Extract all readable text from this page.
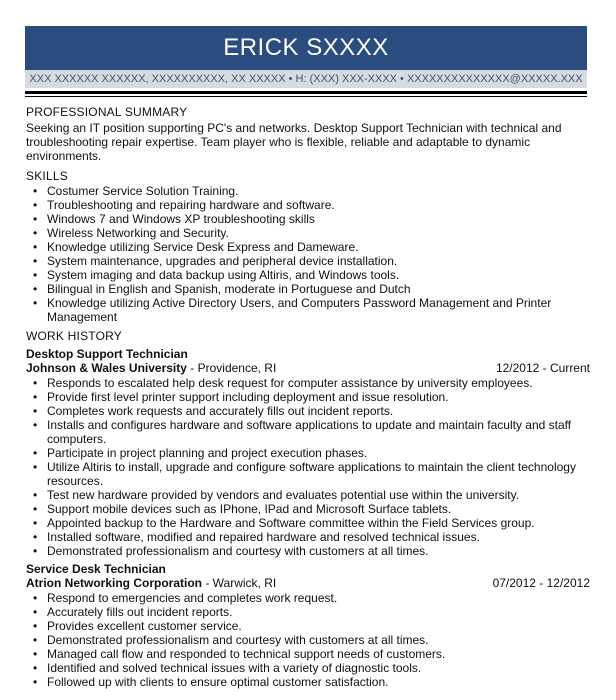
ERICK SXXXX
XXX XXXXXX XXXXXX, XXXXXXXXXX, XX XXXXX • H: (XXX) XXX-XXXX • XXXXXXXXXXXXXX@XXXXX.XXX
PROFESSIONAL SUMMARY
Seeking an IT position supporting PC's and networks. Desktop Support Technician with technical and troubleshooting repair expertise. Team player who is flexible, reliable and adaptable to dynamic environments.
SKILLS
• Costumer Service Solution Training.
• Troubleshooting and repairing hardware and software.
• Windows 7 and Windows XP troubleshooting skills
• Wireless Networking and Security.
• Knowledge utilizing Service Desk Express and Dameware.
• System maintenance, upgrades and peripheral device installation.
• System imaging and data backup using Altiris, and Windows tools.
• Bilingual in English and Spanish, moderate in Portuguese and Dutch
• Knowledge utilizing Active Directory Users, and Computers Password Management and Printer Management
WORK HISTORY
Desktop Support Technician
Johnson & Wales University - Providence, RI	12/2012 - Current
• Responds to escalated help desk request for computer assistance by university employees.
• Provide first level printer support including deployment and issue resolution.
• Completes work requests and accurately fills out incident reports.
• Installs and configures hardware and software applications to update and maintain faculty and staff computers.
• Participate in project planning and project execution phases.
• Utilize Altiris to install, upgrade and configure software applications to maintain the client technology resources.
• Test new hardware provided by vendors and evaluates potential use within the university.
• Support mobile devices such as IPhone, IPad and Microsoft Surface tablets.
• Appointed backup to the Hardware and Software committee within the Field Services group.
• Installed software, modified and repaired hardware and resolved technical issues.
• Demonstrated professionalism and courtesy with customers at all times.
Service Desk Technician
Atrion Networking Corporation - Warwick, RI	07/2012 - 12/2012
• Respond to emergencies and completes work request.
• Accurately fills out incident reports.
• Provides excellent customer service.
• Demonstrated professionalism and courtesy with customers at all times.
• Managed call flow and responded to technical support needs of customers.
• Identified and solved technical issues with a variety of diagnostic tools.
• Followed up with clients to ensure optimal customer satisfaction.
